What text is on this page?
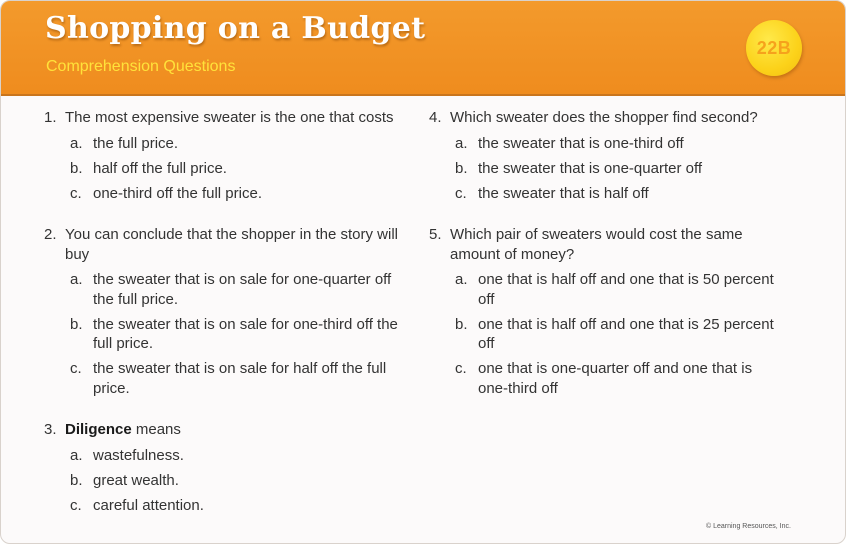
Shopping on a Budget
Comprehension Questions
22B
1. The most expensive sweater is the one that costs
a. the full price.
b. half off the full price.
c. one-third off the full price.
2. You can conclude that the shopper in the story will buy
a. the sweater that is on sale for one-quarter off the full price.
b. the sweater that is on sale for one-third off the full price.
c. the sweater that is on sale for half off the full price.
3. Diligence means
a. wastefulness.
b. great wealth.
c. careful attention.
4. Which sweater does the shopper find second?
a. the sweater that is one-third off
b. the sweater that is one-quarter off
c. the sweater that is half off
5. Which pair of sweaters would cost the same amount of money?
a. one that is half off and one that is 50 percent off
b. one that is half off and one that is 25 percent off
c. one that is one-quarter off and one that is one-third off
© Learning Resources, Inc.
